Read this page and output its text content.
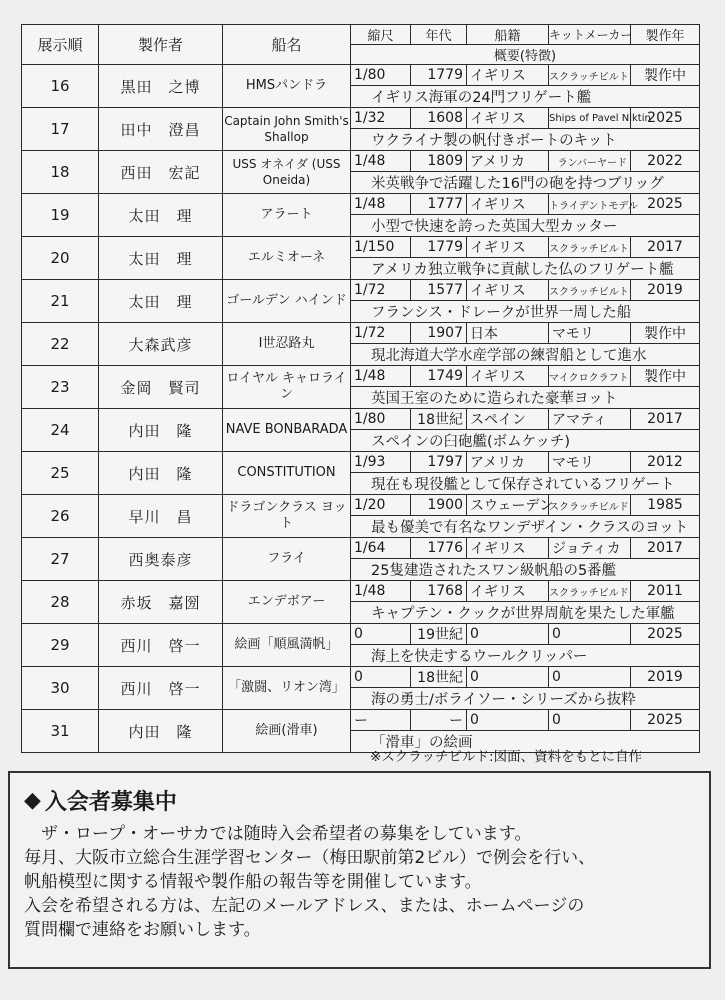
展示順	製作者	船名	縮尺	年代	船籍	キットメーカー	製作年
			概要(特徴)				
16	黒田　之博	HMSパンドラ	1/80	1779	イギリス	スクラッチビルト	製作中
			イギリス海軍の24門フリゲート艦				
17	田中　澄昌	Captain John Smith's Shallop	1/32	1608	イギリス	Ships of Pavel Niktin	2025
			ウクライナ製の帆付きボートのキット				
18	西田　宏記	USS オネイダ (USS Oneida)	1/48	1809	アメリカ	ランバーヤード	2022
			米英戦争で活躍した16門の砲を持つブリッグ				
19	太田　理	アラート	1/48	1777	イギリス	トライデントモデル	2025
			小型で快速を誇った英国大型カッター				
20	太田　理	エルミオーネ	1/150	1779	イギリス	スクラッチビルト	2017
			アメリカ独立戦争に貢献した仏のフリゲート艦				
21	太田　理	ゴールデン ハインド	1/72	1577	イギリス	スクラッチビルト	2019
			フランシス・ドレークが世界一周した船				
22	大森武彦	Ⅰ世忍路丸	1/72	1907	日本	マモリ	製作中
			現北海道大学水産学部の練習船として進水				
23	金岡　賢司	ロイヤル キャロライン	1/48	1749	イギリス	マイクロクラフト	製作中
			英国王室のために造られた豪華ヨット				
24	内田　隆	NAVE BONBARADA	1/80	18世紀	スペイン	アマティ	2017
			スペインの臼砲艦(ボムケッチ)				
25	内田　隆	CONSTITUTION	1/93	1797	アメリカ	マモリ	2012
			現在も現役艦として保存されているフリゲート				
26	早川　昌	ドラゴンクラス ヨット	1/20	1900	スウェーデン	スクラッチビルド	1985
			最も優美で有名なワンデザイン・クラスのヨット				
27	西奥泰彦	フライ	1/64	1776	イギリス	ジョティカ	2017
			25隻建造されたスワン級帆船の5番艦				
28	赤坂　嘉圀	エンデボアー	1/48	1768	イギリス	スクラッチビルド	2011
			キャプテン・クックが世界周航を果たした軍艦				
29	西川　啓一	絵画「順風満帆」	0	19世紀	0	0	2025
			海上を快走するウールクリッパー				
30	西川　啓一	「激闘、リオン湾」	0	18世紀	0	0	2019
			海の勇士/ボライソー・シリーズから抜粋				
31	内田　隆	絵画(滑車)	ー	ー	0	0	2025
			「滑車」の絵画				
※スクラッチビルド:図面、資料をもとに自作
◆ 入会者募集中

　ザ・ロープ・オーサカでは随時入会希望者の募集をしています。

毎月、大阪市立総合生涯学習センター（梅田駅前第2ビル）で例会を行い、

帆船模型に関する情報や製作船の報告等を開催しています。

入会を希望される方は、左記のメールアドレス、または、ホームページの

質問欄で連絡をお願いします。
